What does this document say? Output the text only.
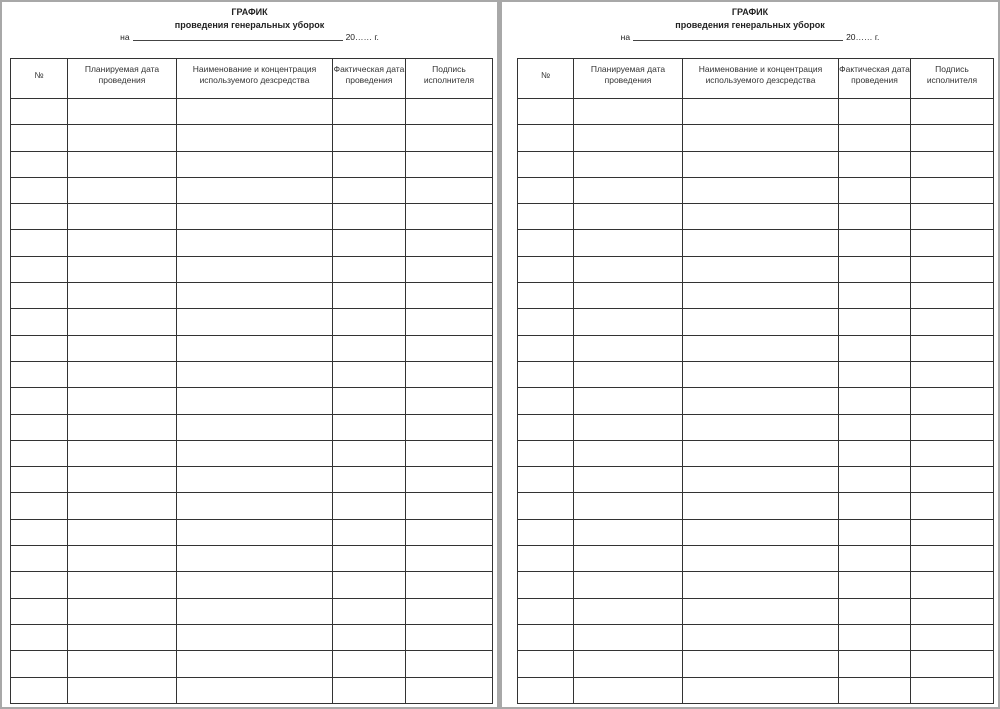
ГРАФИК
проведения генеральных уборок
на	20…… г.
№	Планируемая дата проведения	Наименование и концентрация используемого дезсредства	Фактическая дата проведения	Подпись исполнителя

ГРАФИК
проведения генеральных уборок
на	20…… г.
№	Планируемая дата проведения	Наименование и концентрация используемого дезсредства	Фактическая дата проведения	Подпись исполнителя
